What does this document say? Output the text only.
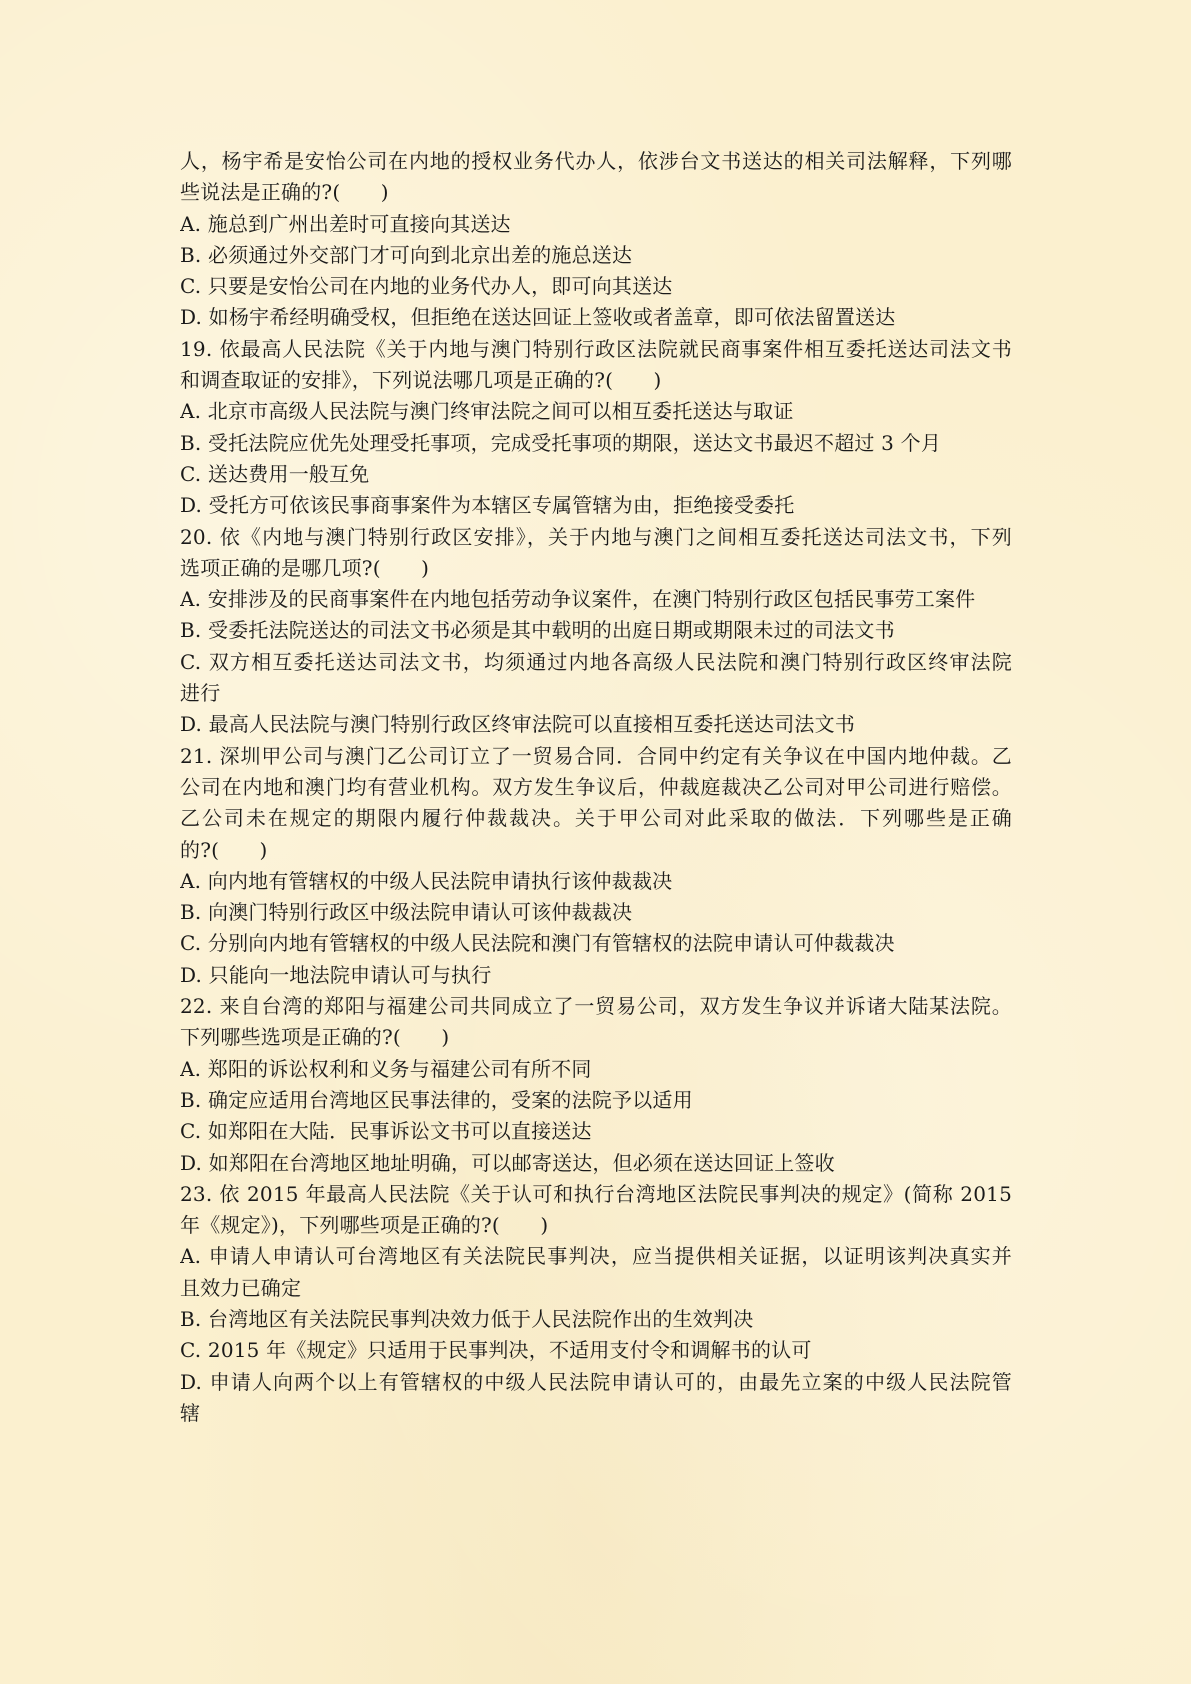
人，杨宇希是安怡公司在内地的授权业务代办人，依涉台文书送达的相关司法解释，下列哪
些说法是正确的?(　　)
A. 施总到广州出差时可直接向其送达
B. 必须通过外交部门才可向到北京出差的施总送达
C. 只要是安怡公司在内地的业务代办人，即可向其送达
D. 如杨宇希经明确受权，但拒绝在送达回证上签收或者盖章，即可依法留置送达
19. 依最高人民法院《关于内地与澳门特别行政区法院就民商事案件相互委托送达司法文书
和调查取证的安排》，下列说法哪几项是正确的?(　　)
A. 北京市高级人民法院与澳门终审法院之间可以相互委托送达与取证
B. 受托法院应优先处理受托事项，完成受托事项的期限，送达文书最迟不超过 3 个月
C. 送达费用一般互免
D. 受托方可依该民事商事案件为本辖区专属管辖为由，拒绝接受委托
20. 依《内地与澳门特别行政区安排》，关于内地与澳门之间相互委托送达司法文书，下列
选项正确的是哪几项?(　　)
A. 安排涉及的民商事案件在内地包括劳动争议案件，在澳门特别行政区包括民事劳工案件
B. 受委托法院送达的司法文书必须是其中载明的出庭日期或期限未过的司法文书
C. 双方相互委托送达司法文书，均须通过内地各高级人民法院和澳门特别行政区终审法院
进行
D. 最高人民法院与澳门特别行政区终审法院可以直接相互委托送达司法文书
21. 深圳甲公司与澳门乙公司订立了一贸易合同．合同中约定有关争议在中国内地仲裁。乙
公司在内地和澳门均有营业机构。双方发生争议后，仲裁庭裁决乙公司对甲公司进行赔偿。
乙公司未在规定的期限内履行仲裁裁决。关于甲公司对此采取的做法．下列哪些是正确
的?(　　)
A. 向内地有管辖权的中级人民法院申请执行该仲裁裁决
B. 向澳门特别行政区中级法院申请认可该仲裁裁决
C. 分别向内地有管辖权的中级人民法院和澳门有管辖权的法院申请认可仲裁裁决
D. 只能向一地法院申请认可与执行
22. 来自台湾的郑阳与福建公司共同成立了一贸易公司，双方发生争议并诉诸大陆某法院。
下列哪些选项是正确的?(　　)
A. 郑阳的诉讼权利和义务与福建公司有所不同
B. 确定应适用台湾地区民事法律的，受案的法院予以适用
C. 如郑阳在大陆．民事诉讼文书可以直接送达
D. 如郑阳在台湾地区地址明确，可以邮寄送达，但必须在送达回证上签收
23. 依 2015 年最高人民法院《关于认可和执行台湾地区法院民事判决的规定》(简称 2015
年《规定》)，下列哪些项是正确的?(　　)
A. 申请人申请认可台湾地区有关法院民事判决，应当提供相关证据，以证明该判决真实并
且效力已确定
B. 台湾地区有关法院民事判决效力低于人民法院作出的生效判决
C. 2015 年《规定》只适用于民事判决，不适用支付令和调解书的认可
D. 申请人向两个以上有管辖权的中级人民法院申请认可的，由最先立案的中级人民法院管
辖
